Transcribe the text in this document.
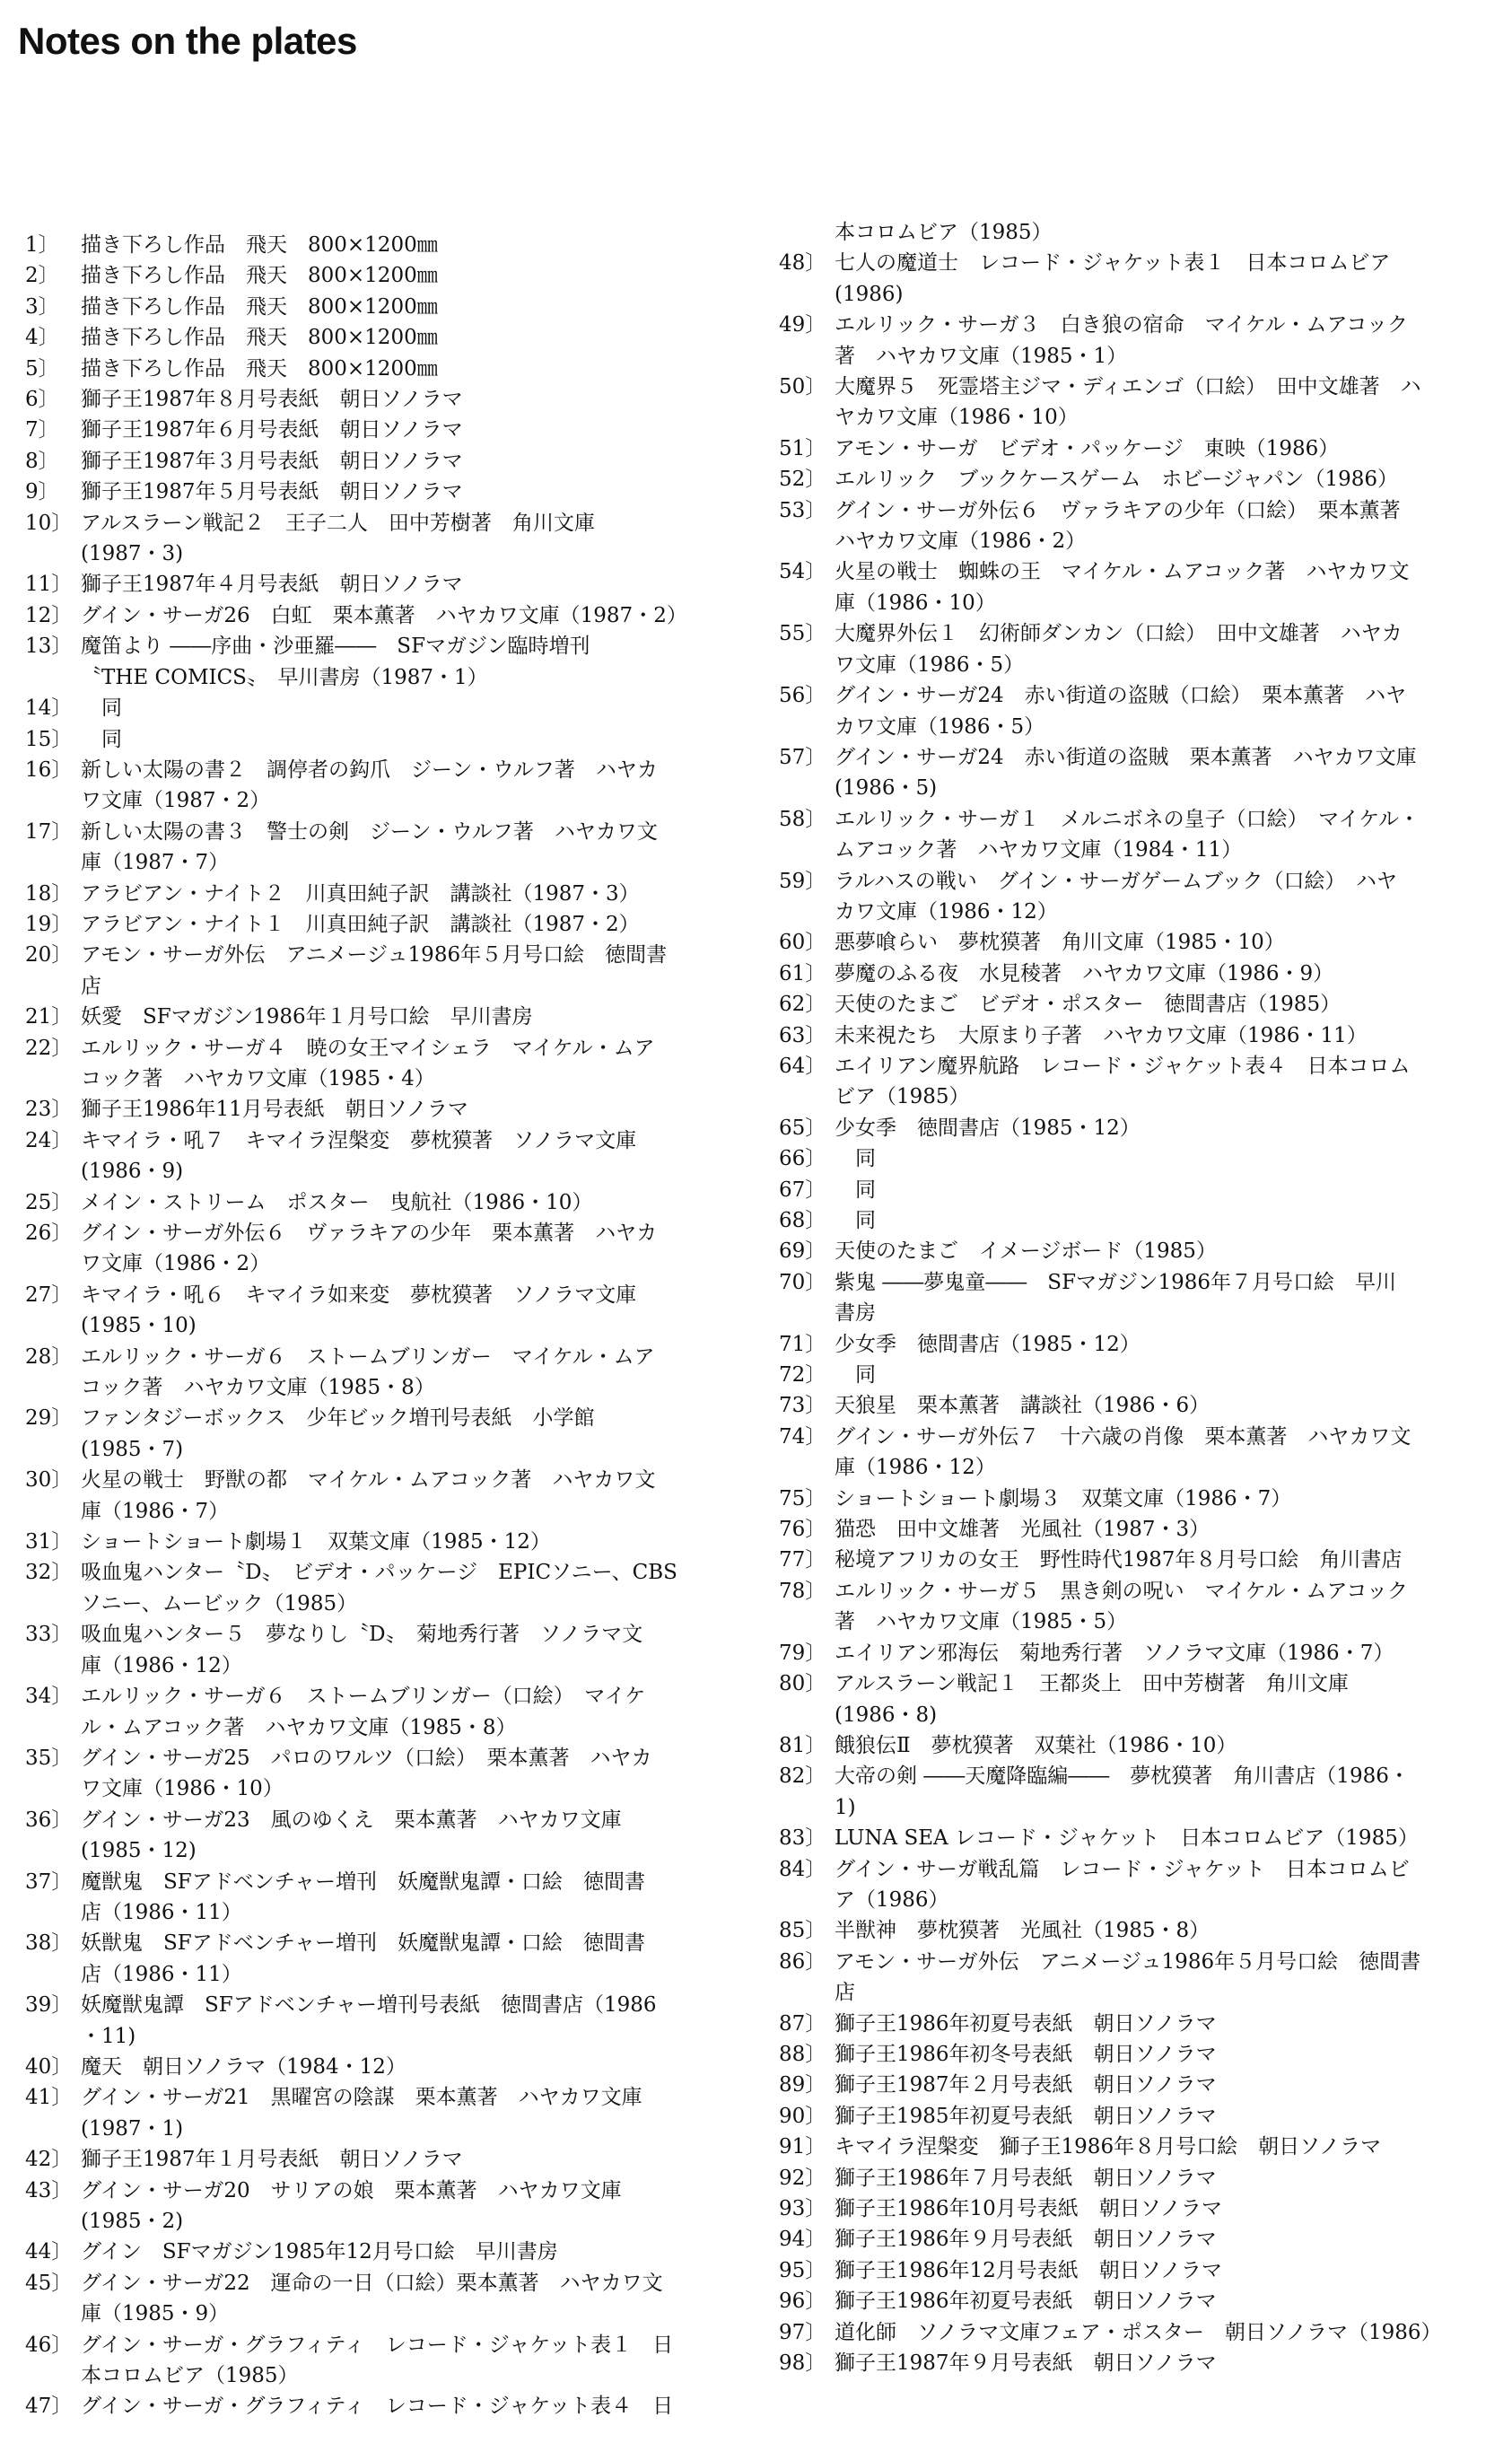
Notes on the plates
1〕	描き下ろし作品　飛天　800×1200㎜
2〕	描き下ろし作品　飛天　800×1200㎜
3〕	描き下ろし作品　飛天　800×1200㎜
4〕	描き下ろし作品　飛天　800×1200㎜
5〕	描き下ろし作品　飛天　800×1200㎜
6〕	獅子王1987年８月号表紙　朝日ソノラマ
7〕	獅子王1987年６月号表紙　朝日ソノラマ
8〕	獅子王1987年３月号表紙　朝日ソノラマ
9〕	獅子王1987年５月号表紙　朝日ソノラマ
10〕 アルスラーン戦記２　王子二人　田中芳樹著　角川文庫
(1987・3)
11〕 獅子王1987年４月号表紙　朝日ソノラマ
12〕 グイン・サーガ26　白虹　栗本薫著　ハヤカワ文庫（1987・2）
13〕 魔笛より ――序曲・沙亜羅――　SFマガジン臨時増刊
〝THE COMICS〟　早川書房（1987・1）
14〕 　同
15〕 　同
16〕 新しい太陽の書２　調停者の鈎爪　ジーン・ウルフ著　ハヤカ
ワ文庫（1987・2）
17〕 新しい太陽の書３　警士の剣　ジーン・ウルフ著　ハヤカワ文
庫（1987・7）
18〕 アラビアン・ナイト２　川真田純子訳　講談社（1987・3）
19〕 アラビアン・ナイト１　川真田純子訳　講談社（1987・2）
20〕 アモン・サーガ外伝　アニメージュ1986年５月号口絵　徳間書
店
21〕 妖愛　SFマガジン1986年１月号口絵　早川書房
22〕 エルリック・サーガ４　暁の女王マイシェラ　マイケル・ムア
コック著　ハヤカワ文庫（1985・4）
23〕 獅子王1986年11月号表紙　朝日ソノラマ
24〕 キマイラ・吼７　キマイラ涅槃変　夢枕獏著　ソノラマ文庫
(1986・9)
25〕 メイン・ストリーム　ポスター　曳航社（1986・10）
26〕 グイン・サーガ外伝６　ヴァラキアの少年　栗本薫著　ハヤカ
ワ文庫（1986・2）
27〕 キマイラ・吼６　キマイラ如来変　夢枕獏著　ソノラマ文庫
(1985・10)
28〕 エルリック・サーガ６　ストームブリンガー　マイケル・ムア
コック著　ハヤカワ文庫（1985・8）
29〕 ファンタジーボックス　少年ビック増刊号表紙　小学館
(1985・7)
30〕 火星の戦士　野獣の都　マイケル・ムアコック著　ハヤカワ文
庫（1986・7）
31〕 ショートショート劇場１　双葉文庫（1985・12）
32〕 吸血鬼ハンター〝D〟　ビデオ・パッケージ　EPICソニー、CBS
ソニー、ムービック（1985）
33〕 吸血鬼ハンター５　夢なりし〝D〟　菊地秀行著　ソノラマ文
庫（1986・12）
34〕 エルリック・サーガ６　ストームブリンガー（口絵）　マイケ
ル・ムアコック著　ハヤカワ文庫（1985・8）
35〕 グイン・サーガ25　パロのワルツ（口絵）　栗本薫著　ハヤカ
ワ文庫（1986・10）
36〕 グイン・サーガ23　風のゆくえ　栗本薫著　ハヤカワ文庫
(1985・12)
37〕 魔獣鬼　SFアドベンチャー増刊　妖魔獣鬼譚・口絵　徳間書
店（1986・11）
38〕 妖獣鬼　SFアドベンチャー増刊　妖魔獣鬼譚・口絵　徳間書
店（1986・11）
39〕 妖魔獣鬼譚　SFアドベンチャー増刊号表紙　徳間書店（1986
・11)
40〕 魔天　朝日ソノラマ（1984・12）
41〕 グイン・サーガ21　黒曜宮の陰謀　栗本薫著　ハヤカワ文庫
(1987・1)
42〕 獅子王1987年１月号表紙　朝日ソノラマ
43〕 グイン・サーガ20　サリアの娘　栗本薫著　ハヤカワ文庫
(1985・2)
44〕 グイン　SFマガジン1985年12月号口絵　早川書房
45〕 グイン・サーガ22　運命の一日（口絵）栗本薫著　ハヤカワ文
庫（1985・9）
46〕 グイン・サーガ・グラフィティ　レコード・ジャケット表１　日
本コロムビア（1985）
47〕 グイン・サーガ・グラフィティ　レコード・ジャケット表４　日
本コロムビア（1985）
48〕 七人の魔道士　レコード・ジャケット表１　日本コロムビア
(1986)
49〕 エルリック・サーガ３　白き狼の宿命　マイケル・ムアコック
著　ハヤカワ文庫（1985・1）
50〕 大魔界５　死霊塔主ジマ・ディエンゴ（口絵）　田中文雄著　ハ
ヤカワ文庫（1986・10）
51〕 アモン・サーガ　ビデオ・パッケージ　東映（1986）
52〕 エルリック　ブックケースゲーム　ホビージャパン（1986）
53〕 グイン・サーガ外伝６　ヴァラキアの少年（口絵）　栗本薫著
ハヤカワ文庫（1986・2）
54〕 火星の戦士　蜘蛛の王　マイケル・ムアコック著　ハヤカワ文
庫（1986・10）
55〕 大魔界外伝１　幻術師ダンカン（口絵）　田中文雄著　ハヤカ
ワ文庫（1986・5）
56〕 グイン・サーガ24　赤い街道の盗賊（口絵）　栗本薫著　ハヤ
カワ文庫（1986・5）
57〕 グイン・サーガ24　赤い街道の盗賊　栗本薫著　ハヤカワ文庫
(1986・5)
58〕 エルリック・サーガ１　メルニボネの皇子（口絵）　マイケル・
ムアコック著　ハヤカワ文庫（1984・11）
59〕 ラルハスの戦い　グイン・サーガゲームブック（口絵）　ハヤ
カワ文庫（1986・12）
60〕 悪夢喰らい　夢枕獏著　角川文庫（1985・10）
61〕 夢魔のふる夜　水見稜著　ハヤカワ文庫（1986・9）
62〕 天使のたまご　ビデオ・ポスター　徳間書店（1985）
63〕 未来視たち　大原まり子著　ハヤカワ文庫（1986・11）
64〕 エイリアン魔界航路　レコード・ジャケット表４　日本コロム
ビア（1985）
65〕 少女季　徳間書店（1985・12）
66〕 　同
67〕 　同
68〕 　同
69〕 天使のたまご　イメージボード（1985）
70〕 紫鬼 ――夢鬼童――　SFマガジン1986年７月号口絵　早川
書房
71〕 少女季　徳間書店（1985・12）
72〕 　同
73〕 天狼星　栗本薫著　講談社（1986・6）
74〕 グイン・サーガ外伝７　十六歳の肖像　栗本薫著　ハヤカワ文
庫（1986・12）
75〕 ショートショート劇場３　双葉文庫（1986・7）
76〕 猫恐　田中文雄著　光風社（1987・3）
77〕 秘境アフリカの女王　野性時代1987年８月号口絵　角川書店
78〕 エルリック・サーガ５　黒き剣の呪い　マイケル・ムアコック
著　ハヤカワ文庫（1985・5）
79〕 エイリアン邪海伝　菊地秀行著　ソノラマ文庫（1986・7）
80〕 アルスラーン戦記１　王都炎上　田中芳樹著　角川文庫
(1986・8)
81〕 餓狼伝Ⅱ　夢枕獏著　双葉社（1986・10）
82〕 大帝の剣 ――天魔降臨編――　夢枕獏著　角川書店（1986・
1)
83〕 LUNA SEA レコード・ジャケット　日本コロムビア（1985）
84〕 グイン・サーガ戦乱篇　レコード・ジャケット　日本コロムビ
ア（1986）
85〕 半獣神　夢枕獏著　光風社（1985・8）
86〕 アモン・サーガ外伝　アニメージュ1986年５月号口絵　徳間書
店
87〕 獅子王1986年初夏号表紙　朝日ソノラマ
88〕 獅子王1986年初冬号表紙　朝日ソノラマ
89〕 獅子王1987年２月号表紙　朝日ソノラマ
90〕 獅子王1985年初夏号表紙　朝日ソノラマ
91〕 キマイラ涅槃変　獅子王1986年８月号口絵　朝日ソノラマ
92〕 獅子王1986年７月号表紙　朝日ソノラマ
93〕 獅子王1986年10月号表紙　朝日ソノラマ
94〕 獅子王1986年９月号表紙　朝日ソノラマ
95〕 獅子王1986年12月号表紙　朝日ソノラマ
96〕 獅子王1986年初夏号表紙　朝日ソノラマ
97〕 道化師　ソノラマ文庫フェア・ポスター　朝日ソノラマ（1986）
98〕 獅子王1987年９月号表紙　朝日ソノラマ
